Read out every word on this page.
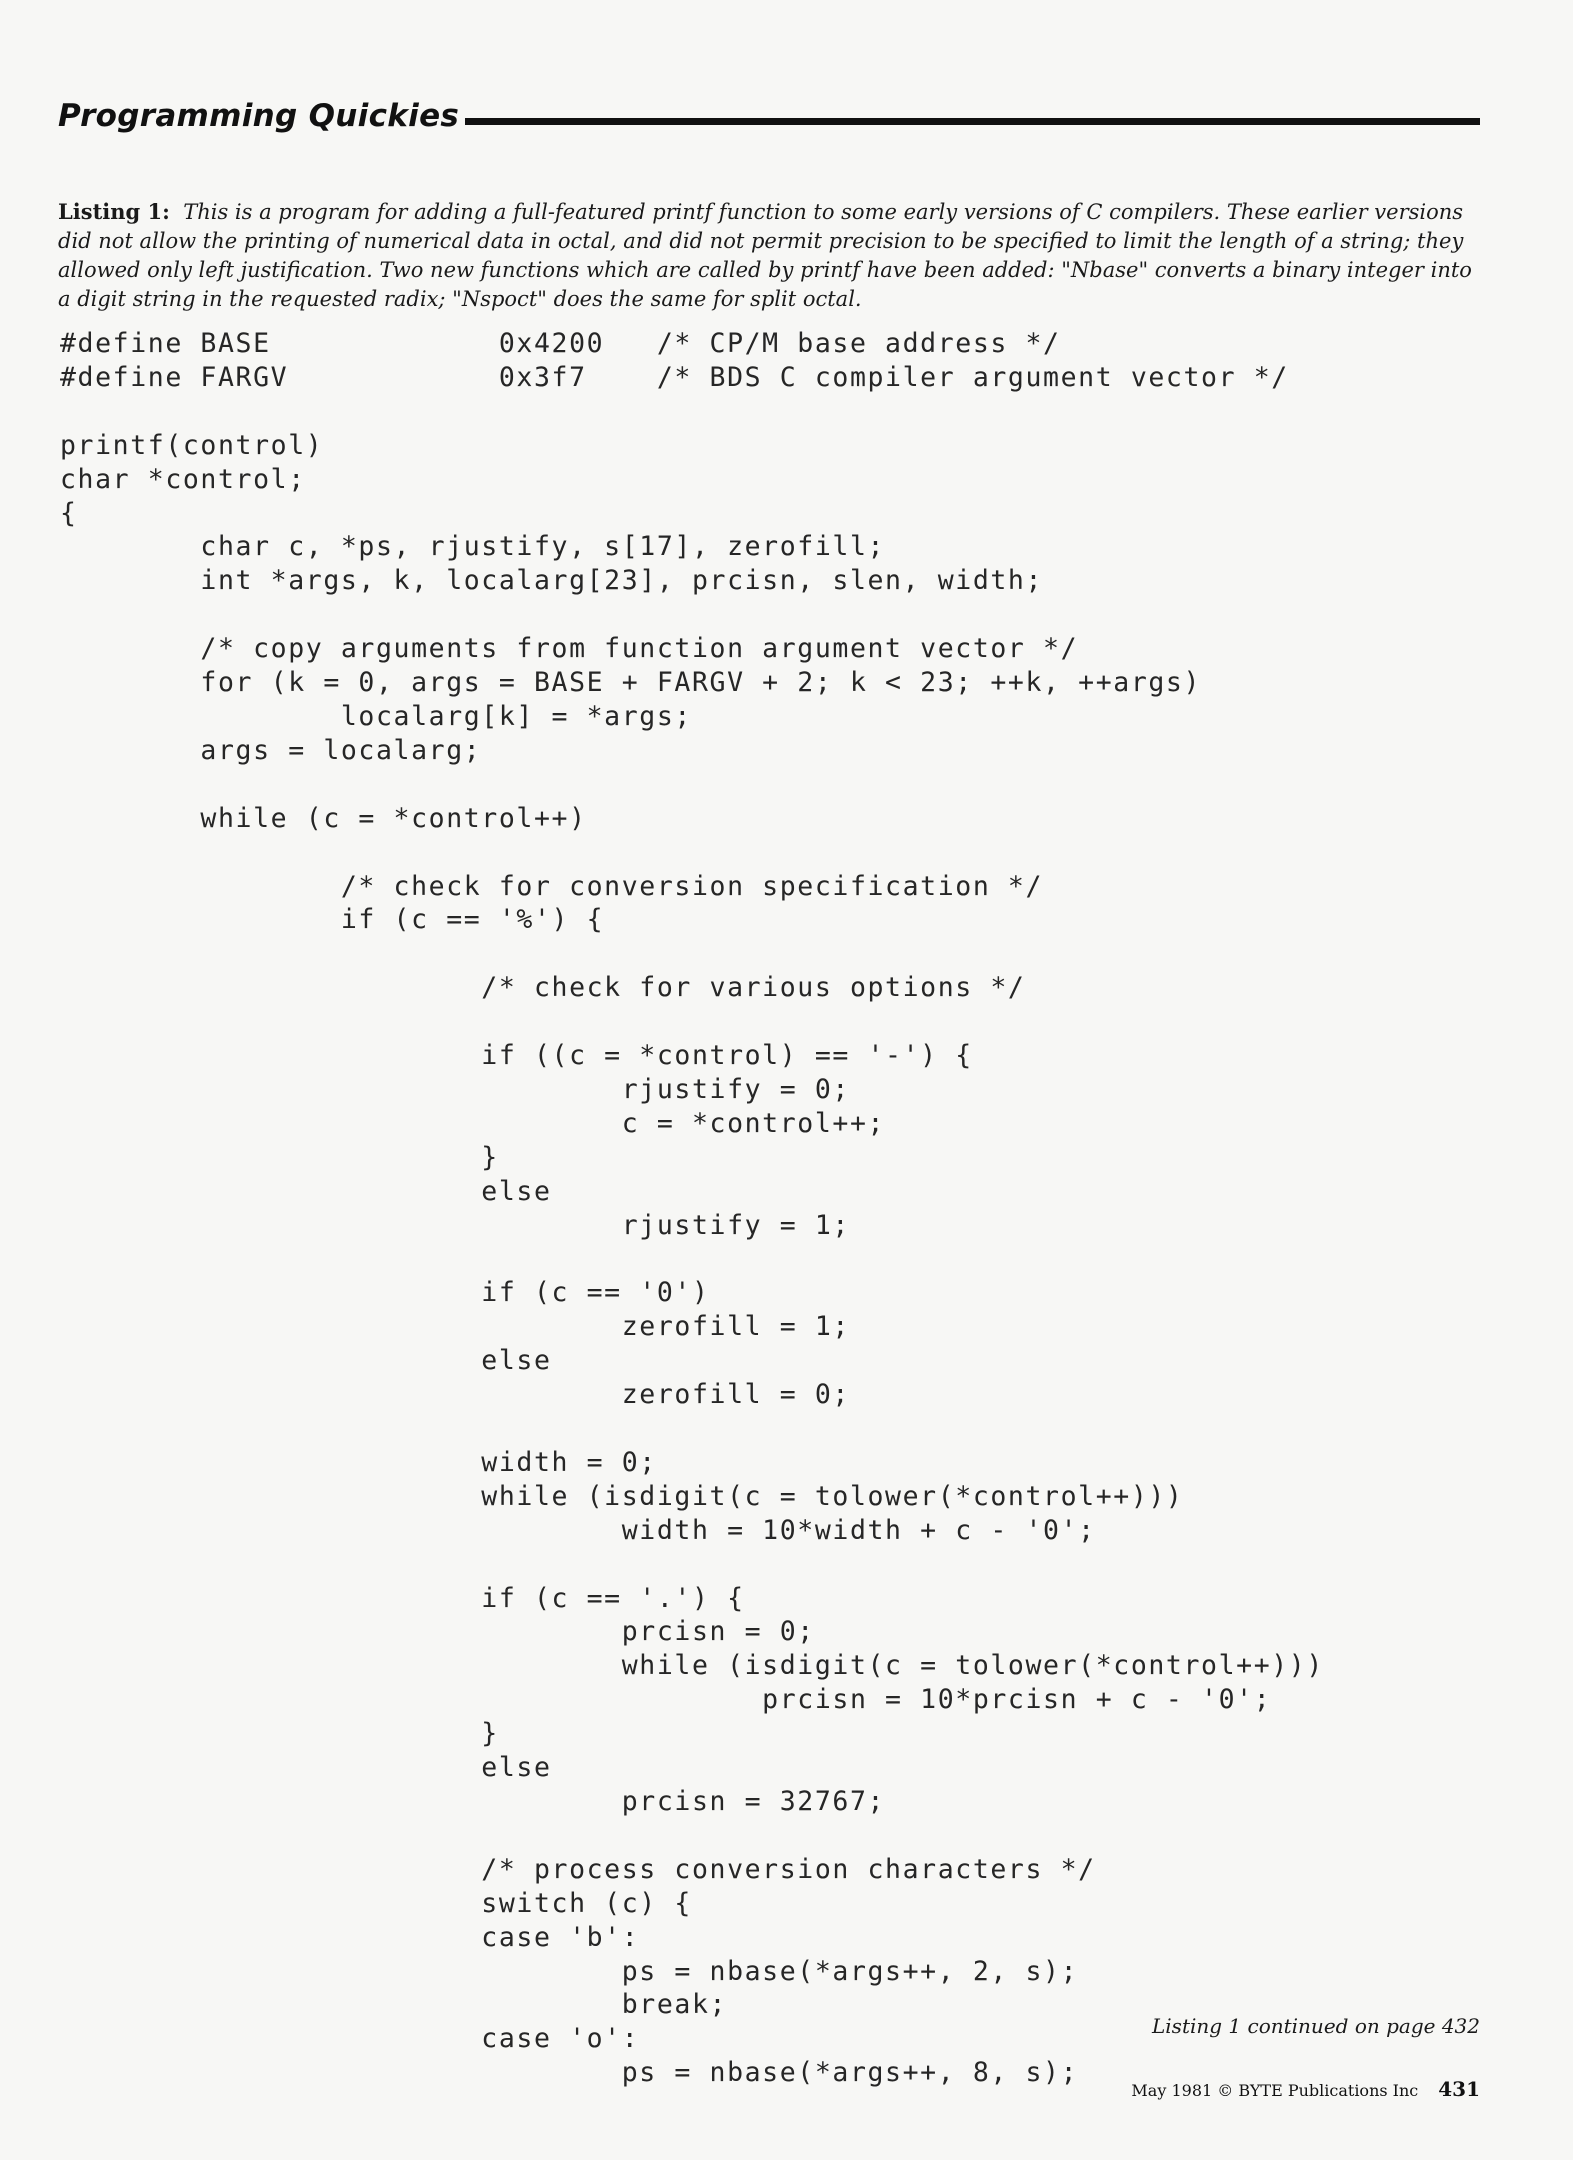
Programming Quickies

Listing 1: This is a program for adding a full-featured printf function to some early versions of C compilers. These earlier versions did not allow the printing of numerical data in octal, and did not permit precision to be specified to limit the length of a string; they allowed only left justification. Two new functions which are called by printf have been added: "Nbase" converts a binary integer into a digit string in the requested radix; "Nspoct" does the same for split octal.

#define BASE             0x4200   /* CP/M base address */
#define FARGV            0x3f7    /* BDS C compiler argument vector */

printf(control)
char *control;
{
char c, *ps, rjustify, s[17], zerofill;
int *args, k, localarg[23], prcisn, slen, width;

/* copy arguments from function argument vector */
for (k = 0, args = BASE + FARGV + 2; k < 23; ++k, ++args)
localarg[k] = *args;
args = localarg;

while (c = *control++)

/* check for conversion specification */
if (c == '%') {

/* check for various options */

if ((c = *control) == '-') {
rjustify = 0;
c = *control++;
}
else
rjustify = 1;

if (c == '0')
zerofill = 1;
else
zerofill = 0;

width = 0;
while (isdigit(c = tolower(*control++)))
width = 10*width + c - '0';

if (c == '.') {
prcisn = 0;
while (isdigit(c = tolower(*control++)))
prcisn = 10*prcisn + c - '0';
}
else
prcisn = 32767;

/* process conversion characters */
switch (c) {
case 'b':
ps = nbase(*args++, 2, s);
break;
case 'o':
ps = nbase(*args++, 8, s);
Listing 1 continued on page 432
May 1981 © BYTE Publications Inc 431
